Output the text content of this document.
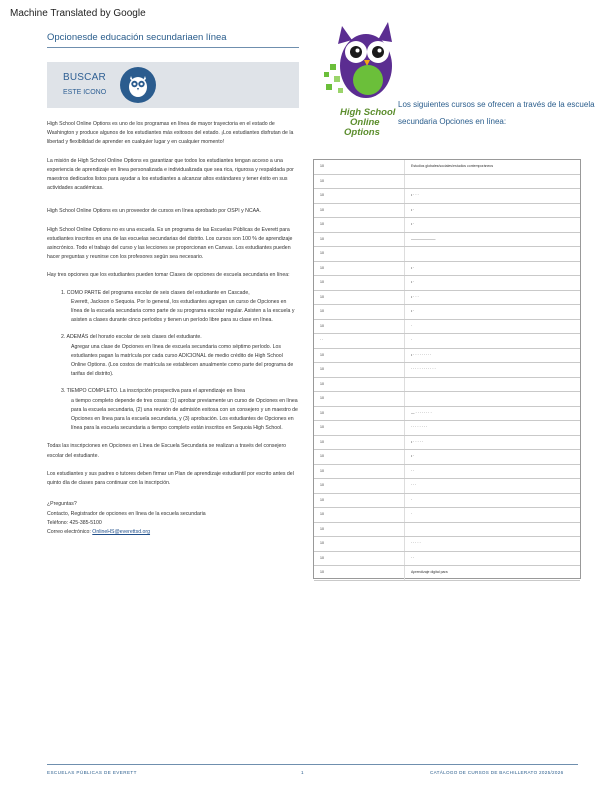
Machine Translated by Google
Opcionesde educación secundariaen línea
BUSCAR
ESTE ICONO
High School Online Options es uno de los programas en línea de mayor trayectoria en el estado de Washington y produce algunos de los estudiantes más exitosos del estado. ¡Los estudiantes disfrutan de la libertad y flexibilidad de aprender en cualquier lugar y en cualquier momento!
La misión de High School Online Options es garantizar que todos los estudiantes tengan acceso a una experiencia de aprendizaje en línea personalizada e individualizada que sea rica, rigurosa y respaldada por maestros dedicados listos para ayudar a los estudiantes a alcanzar altos estándares y tener éxito en sus actividades académicas.
High School Online Options es un proveedor de cursos en línea aprobado por OSPI y NCAA.
High School Online Options no es una escuela. Es un programa de las Escuelas Públicas de Everett para estudiantes inscritos en una de las escuelas secundarias del distrito. Los cursos son 100 % de aprendizaje asincrónico. Todo el trabajo del curso y las lecciones se proporcionan en Canvas. Los estudiantes pueden hacer preguntas y reunirse con los profesores según sea necesario.
Hay tres opciones que los estudiantes pueden tomar Clases de opciones de escuela secundaria en línea:
1. COMO PARTE del programa escolar de seis clases del estudiante en Cascade,
Everett, Jackson o Sequoia. Por lo general, los estudiantes agregan un curso de Opciones en línea de la escuela secundaria como parte de su programa escolar regular. Asisten a la escuela y asisten a clases durante cinco períodos y tienen un período libre para su clase en línea.
2. ADEMÁS del horario escolar de seis clases del estudiante.
Agregar una clase de Opciones en línea de escuela secundaria como séptimo período. Los estudiantes pagan la matrícula por cada curso ADICIONAL de medio crédito de High School Online Options. (Los costos de matrícula se establecen anualmente como parte del programa de tarifas del distrito).
3. TIEMPO COMPLETO. La inscripción prospectiva para el aprendizaje en línea
a tiempo completo depende de tres cosas: (1) aprobar previamente un curso de Opciones en línea para la escuela secundaria, (2) una reunión de admisión exitosa con un consejero y un maestro de Opciones en línea para la escuela secundaria, y (3) aprobación. Los estudiantes de Opciones en línea para la escuela secundaria a tiempo completo están inscritos en Sequoia High School.
Todas las inscripciones en Opciones en Línea de Escuela Secundaria se realizan a través del consejero escolar del estudiante.
Los estudiantes y sus padres o tutores deben firmar un Plan de aprendizaje estudiantil por escrito antes del quinto día de clases para continuar con la inscripción.
¿Preguntas?
Contacto, Registrador de opciones en línea de la escuela secundaria
Teléfono: 425-385-5100
Correo electrónico: OnlineHS@everettsd.org
High School
Online
Options
Los siguientes cursos se ofrecen a través de la escuela secundaria Opciones en línea:
10	Estudios globales/sociales/estudios contemporáneos
10
10	• · · ·
10	• ·
10	• ·
10	———————
10
10	• ·
10	• ·
10	• · · ·
10	• ·
10	·
· ·	·
10	• · · · · · · · · ·
10	· · · · · · · · · · · ·
10
10
10	— · · · · · · · ·
10	· · · · · · · ·
10	• · · · · ·
10	• ·
10	· ·
10	· · ·
10	·
10	·
10
10	· · · · ·
10	· ·
10	Aprendizaje digital para
ESCUELAS PÚBLICAS DE EVERETT	1	CATÁLOGO DE CURSOS DE BACHILLERATO 2025/2026
